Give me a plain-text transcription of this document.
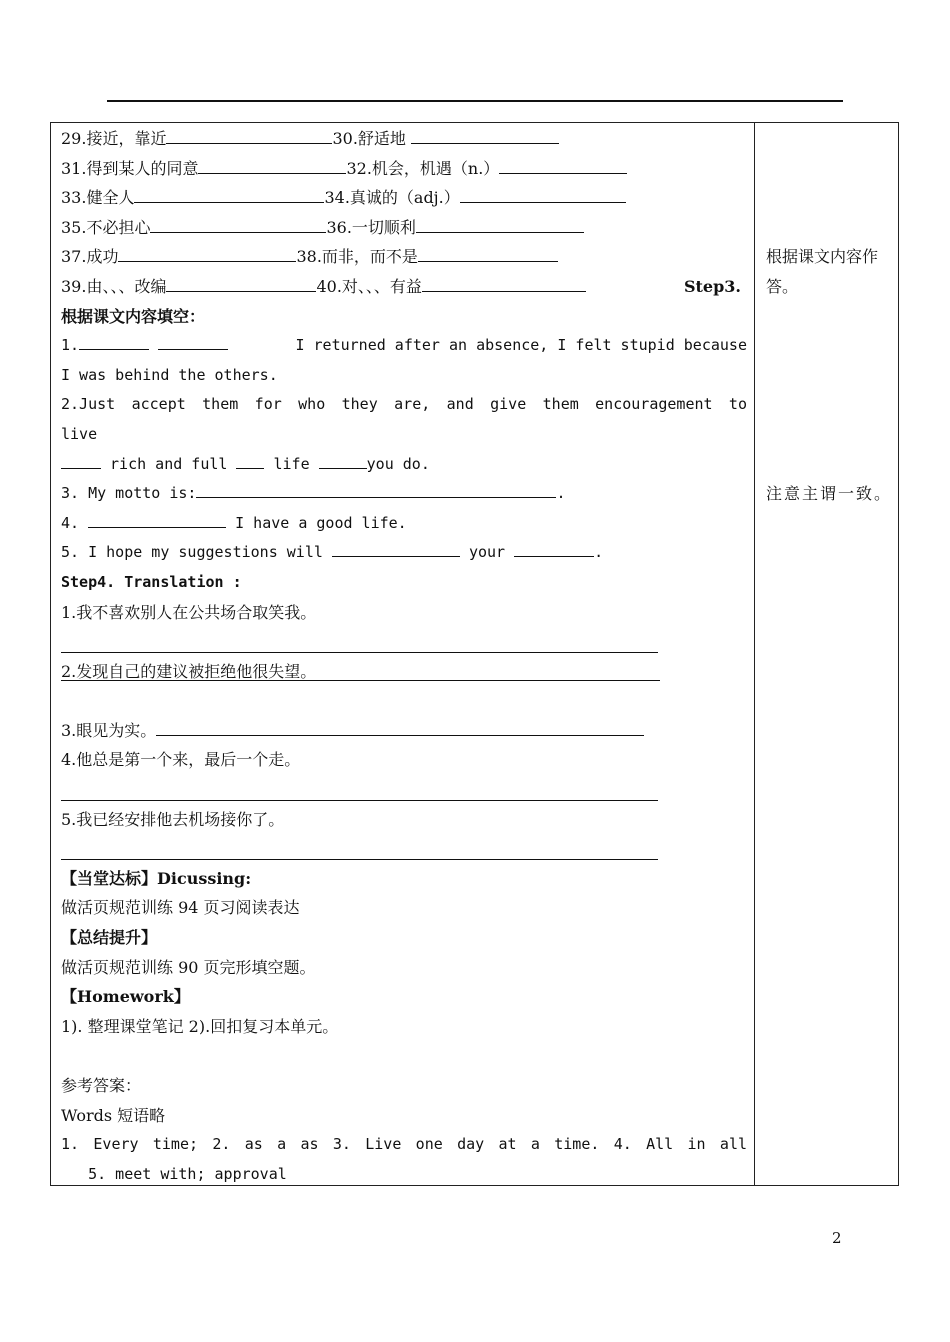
29.接近，靠近	30.舒适地
31.得到某人的同意	32.机会，机遇（n.）
33.健全人	34.真诚的（adj.）
35.不必担心	36.一切顺利
37.成功	38.而非，而不是
39.由、、、改编	40.对、、、有益	Step3.
根据课文内容填空：
1.	I returned after an absence, I felt stupid because
I was behind the others.
2.Just accept them for who they are, and give them encouragement to
live
rich and full	life	you do.
3. My motto is:	.
4.	I have a good life.
5. I hope my suggestions will	your	.
Step4. Translation :
1.我不喜欢别人在公共场合取笑我。
2.发现自己的建议被拒绝他很失望。
3.眼见为实。
4.他总是第一个来，最后一个走。
5.我已经安排他去机场接你了。
【当堂达标】Dicussing:
做活页规范训练 94 页习阅读表达
【总结提升】
做活页规范训练 90 页完形填空题。
【Homework】
1). 整理课堂笔记 2).回扣复习本单元。
参考答案：
Words 短语略
1. Every time; 2. as a as 3. Live one day at a time. 4. All in all
5. meet with; approval
根据课文内容作答。
注意主谓一致。
2
